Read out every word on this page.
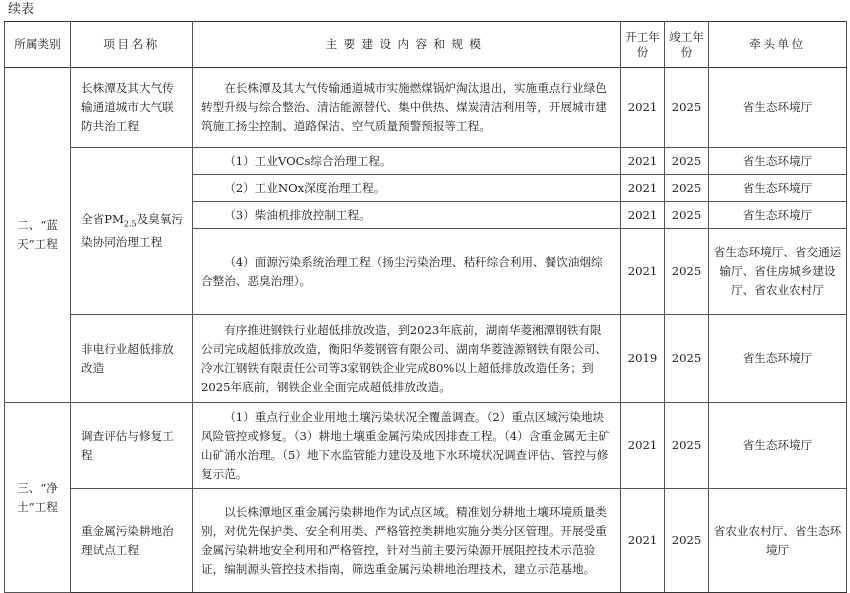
续表
所属类别	项目名称	主要建设内容和规模	开工年份	竣工年份	牵头单位
二、“蓝天”工程	长株潭及其大气传输通道城市大气联防共治工程	在长株潭及其大气传输通道城市实施燃煤锅炉淘汰退出，实施重点行业绿色转型升级与综合整治、清洁能源替代、集中供热、煤炭清洁利用等，开展城市建筑施工扬尘控制、道路保洁、空气质量预警预报等工程。	2021	2025	省生态环境厅
	全省$PM_{2.5}$及臭氧污染协同治理工程	（1）工业VOCs综合治理工程。	2021	2025	省生态环境厅

		（2）工业NOx深度治理工程。	2021	2025	省生态环境厅

		（3）柴油机排放控制工程。	2021	2025	省生态环境厅

		（4）面源污染系统治理工程（扬尘污染治理、秸秆综合利用、餐饮油烟综合整治、恶臭治理）。	2021	2025	省生态环境厅、省交通运输厅、省住房城乡建设厅、省农业农村厅
	非电行业超低排放改造	有序推进钢铁行业超低排放改造，到2023年底前，湖南华菱湘潭钢铁有限公司完成超低排放改造，衡阳华菱钢管有限公司、湖南华菱涟源钢铁有限公司、冷水江钢铁有限责任公司等3家钢铁企业完成80%以上超低排放改造任务；到2025年底前，钢铁企业全面完成超低排放改造。	2019	2025	省生态环境厅
三、“净土”工程	调查评估与修复工程	（1）重点行业企业用地土壤污染状况全覆盖调查。（2）重点区域污染地块风险管控或修复。（3）耕地土壤重金属污染成因排查工程。（4）含重金属无主矿山矿涌水治理。（5）地下水监管能力建设及地下水环境状况调查评估、管控与修复示范。	2021	2025	省生态环境厅
	重金属污染耕地治理试点工程	以长株潭地区重金属污染耕地作为试点区域。精准划分耕地土壤环境质量类别，对优先保护类、安全利用类、严格管控类耕地实施分类分区管理。开展受重金属污染耕地安全利用和严格管控，针对当前主要污染源开展阻控技术示范验证，编制源头管控技术指南，筛选重金属污染耕地治理技术，建立示范基地。	2021	2025	省农业农村厅、省生态环境厅
